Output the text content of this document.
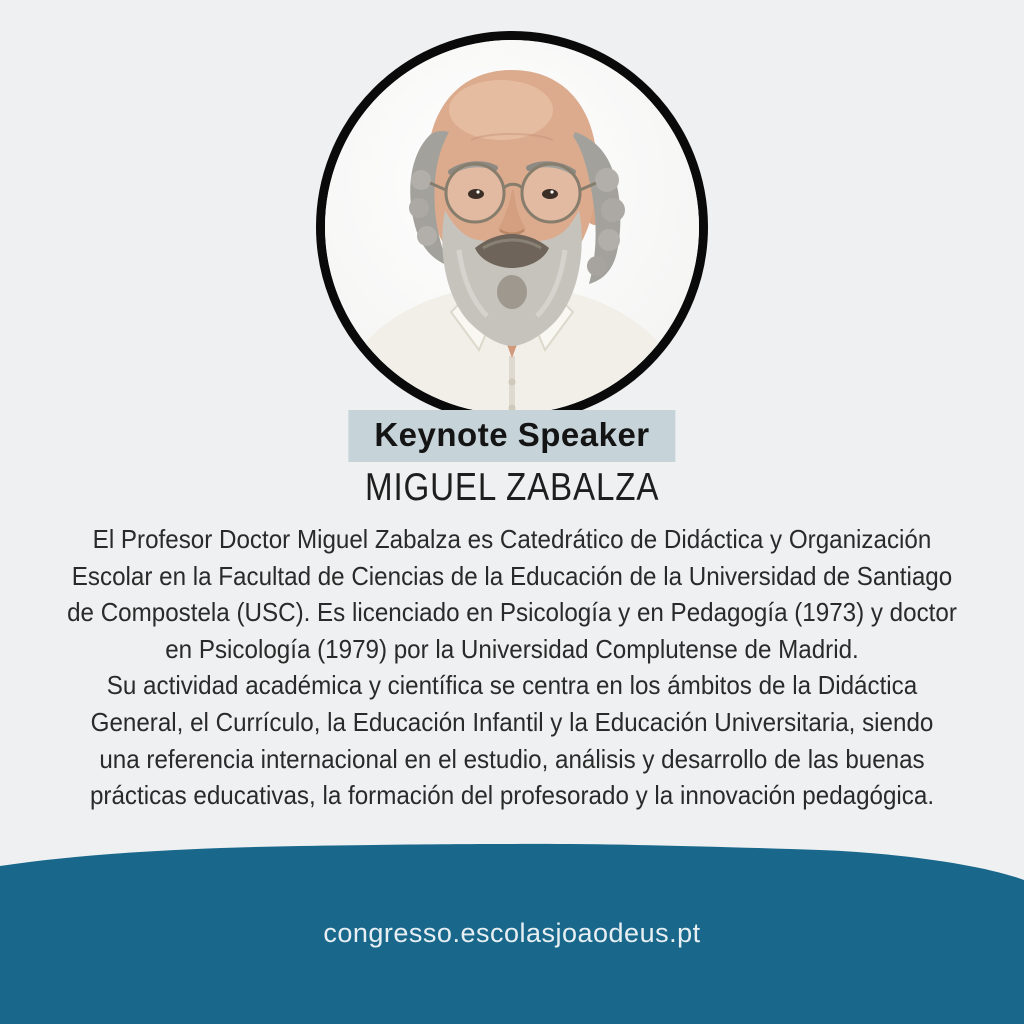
Keynote Speaker
MIGUEL ZABALZA
El Profesor Doctor Miguel Zabalza es Catedrático de Didáctica y Organización
Escolar en la Facultad de Ciencias de la Educación de la Universidad de Santiago
de Compostela (USC). Es licenciado en Psicología y en Pedagogía (1973) y doctor
en Psicología (1979) por la Universidad Complutense de Madrid.
Su actividad académica y científica se centra en los ámbitos de la Didáctica
General, el Currículo, la Educación Infantil y la Educación Universitaria, siendo
una referencia internacional en el estudio, análisis y desarrollo de las buenas
prácticas educativas, la formación del profesorado y la innovación pedagógica.
congresso.escolasjoaodeus.pt
